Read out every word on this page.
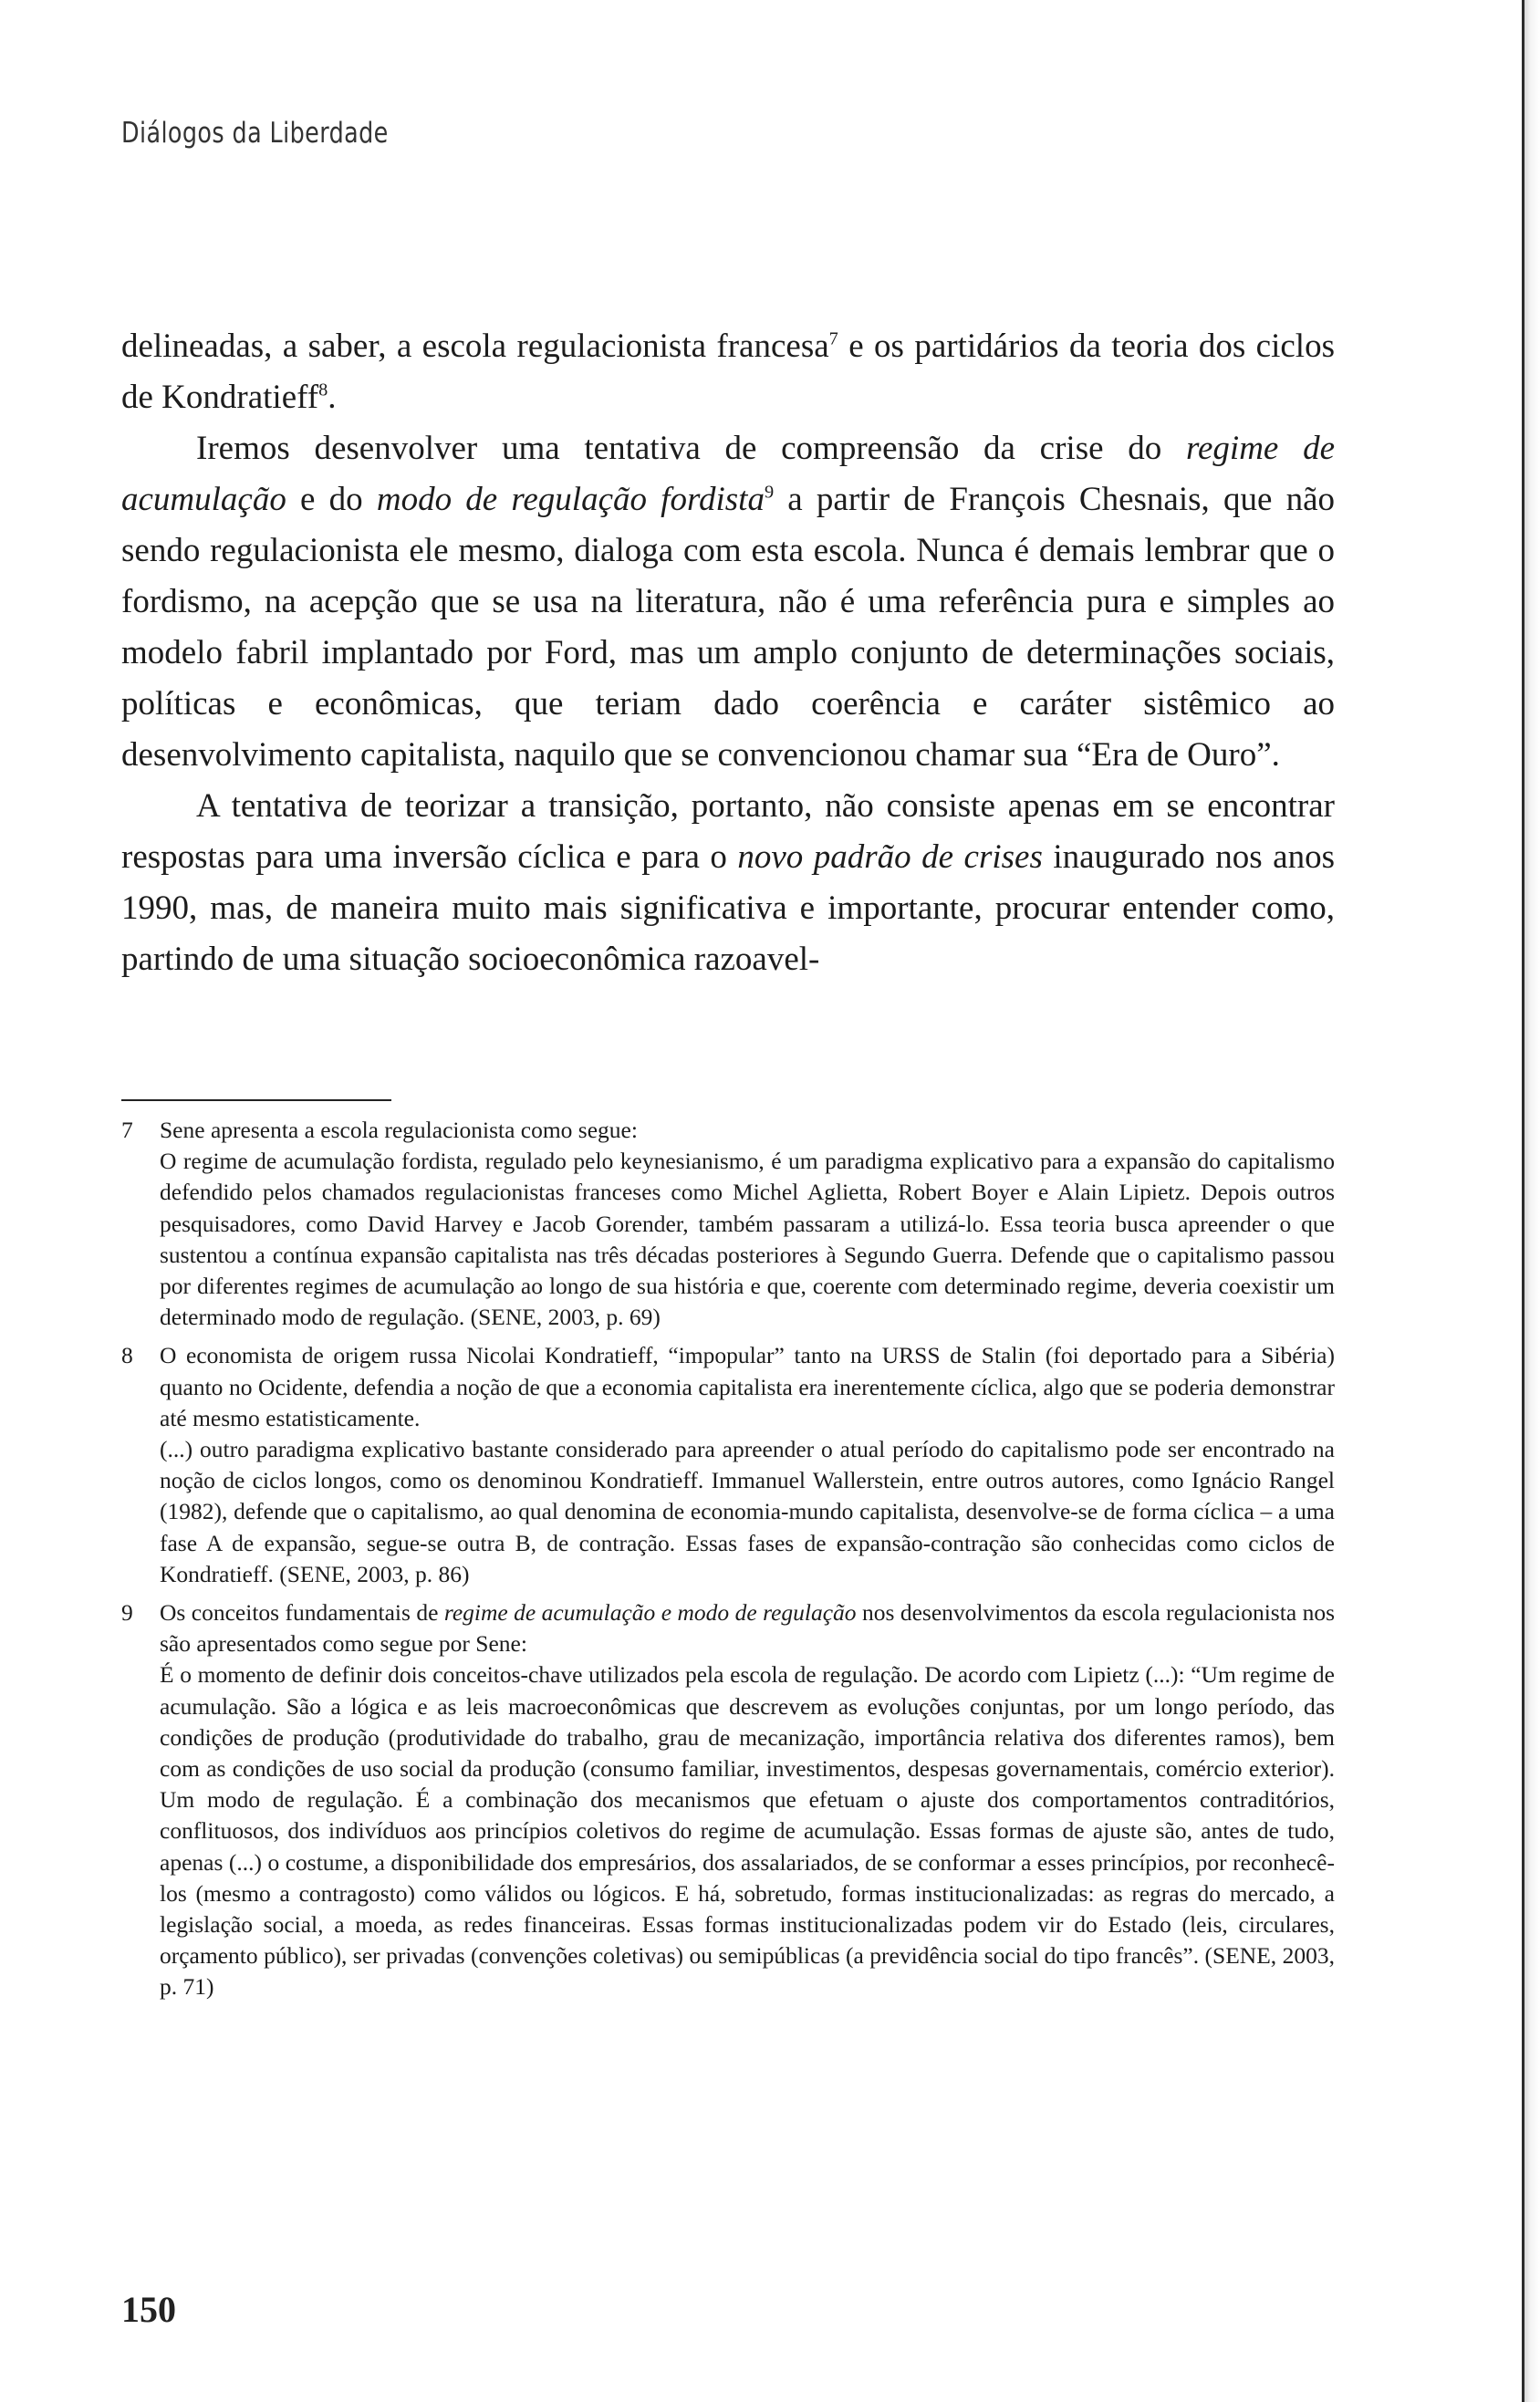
Diálogos da Liberdade

delineadas, a saber, a escola regulacionista francesa$^7$ e os partidários da teoria dos ciclos de Kondratieff$^8$.

Iremos desenvolver uma tentativa de compreensão da crise do regime de acumulação e do modo de regulação fordista$^9$ a partir de François Chesnais, que não sendo regulacionista ele mesmo, dialoga com esta escola. Nunca é demais lembrar que o fordismo, na acepção que se usa na literatura, não é uma referência pura e simples ao modelo fabril implantado por Ford, mas um amplo conjunto de determinações sociais, políticas e econômicas, que teriam dado coerência e caráter sistêmico ao desenvolvimento capitalista, naquilo que se convencionou chamar sua “Era de Ouro”.

A tentativa de teorizar a transição, portanto, não consiste apenas em se encontrar respostas para uma inversão cíclica e para o novo padrão de crises inaugurado nos anos 1990, mas, de maneira muito mais significativa e importante, procurar entender como, partindo de uma situação socioeconômica razoavel-

7	Sene apresenta a escola regulacionista como segue:

O regime de acumulação fordista, regulado pelo keynesianismo, é um paradigma explicativo para a expansão do capitalismo defendido pelos chamados regulacionistas franceses como Michel Aglietta, Robert Boyer e Alain Lipietz. Depois outros pesquisadores, como David Harvey e Jacob Gorender, também passaram a utilizá-lo. Essa teoria busca apreender o que sustentou a contínua expansão capitalista nas três décadas posteriores à Segundo Guerra. Defende que o capitalismo passou por diferentes regimes de acumulação ao longo de sua história e que, coerente com determinado regime, deveria coexistir um determinado modo de regulação. (SENE, 2003, p. 69)

8	O economista de origem russa Nicolai Kondratieff, “impopular” tanto na URSS de Stalin (foi deportado para a Sibéria) quanto no Ocidente, defendia a noção de que a economia capitalista era inerentemente cíclica, algo que se poderia demonstrar até mesmo estatisticamente.

(...) outro paradigma explicativo bastante considerado para apreender o atual período do capitalismo pode ser encontrado na noção de ciclos longos, como os denominou Kondratieff. Immanuel Wallerstein, entre outros autores, como Ignácio Rangel (1982), defende que o capitalismo, ao qual denomina de economia-mundo capitalista, desenvolve-se de forma cíclica – a uma fase A de expansão, segue-se outra B, de contração. Essas fases de expansão-contração são conhecidas como ciclos de Kondratieff. (SENE, 2003, p. 86)

9	Os conceitos fundamentais de regime de acumulação e modo de regulação nos desenvolvimentos da escola regulacionista nos são apresentados como segue por Sene:

É o momento de definir dois conceitos-chave utilizados pela escola de regulação. De acordo com Lipietz (...): “Um regime de acumulação. São a lógica e as leis macroeconômicas que descrevem as evoluções conjuntas, por um longo período, das condições de produção (produtividade do trabalho, grau de mecanização, importância relativa dos diferentes ramos), bem com as condições de uso social da produção (consumo familiar, investimentos, despesas governamentais, comércio exterior). Um modo de regulação. É a combinação dos mecanismos que efetuam o ajuste dos comportamentos contraditórios, conflituosos, dos indivíduos aos princípios coletivos do regime de acumulação. Essas formas de ajuste são, antes de tudo, apenas (...) o costume, a disponibilidade dos empresários, dos assalariados, de se conformar a esses princípios, por reconhecê-los (mesmo a contragosto) como válidos ou lógicos. E há, sobretudo, formas institucionalizadas: as regras do mercado, a legislação social, a moeda, as redes financeiras. Essas formas institucionalizadas podem vir do Estado (leis, circulares, orçamento público), ser privadas (convenções coletivas) ou semipúblicas (a previdência social do tipo francês”. (SENE, 2003, p. 71)

150
